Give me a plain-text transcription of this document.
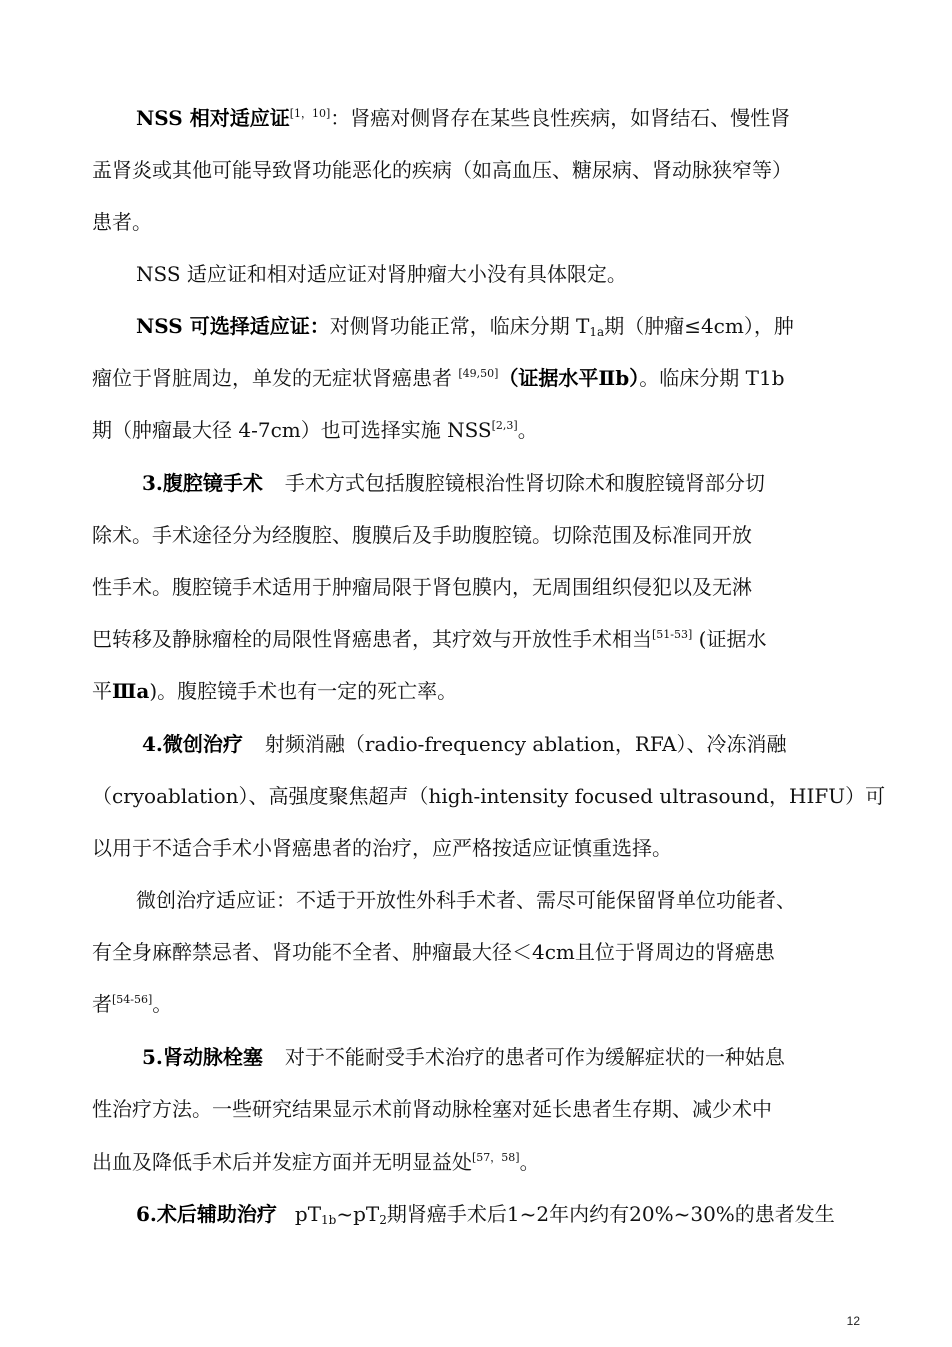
NSS 相对适应证[1，10]：肾癌对侧肾存在某些良性疾病，如肾结石、慢性肾
盂肾炎或其他可能导致肾功能恶化的疾病（如高血压、糖尿病、肾动脉狭窄等）
患者。
NSS 适应证和相对适应证对肾肿瘤大小没有具体限定。
NSS 可选择适应证：对侧肾功能正常，临床分期 $T_{1a}$期（肿瘤≤4cm），肿
瘤位于肾脏周边，单发的无症状肾癌患者 [49,50]（证据水平Ⅱb）。临床分期 T1b
期（肿瘤最大径 4-7cm）也可选择实施 NSS[2,3]。
3.腹腔镜手术 手术方式包括腹腔镜根治性肾切除术和腹腔镜肾部分切
除术。手术途径分为经腹腔、腹膜后及手助腹腔镜。切除范围及标准同开放
性手术。腹腔镜手术适用于肿瘤局限于肾包膜内，无周围组织侵犯以及无淋
巴转移及静脉瘤栓的局限性肾癌患者，其疗效与开放性手术相当[51-53] (证据水
平Ⅲa)。腹腔镜手术也有一定的死亡率。
4.微创治疗 射频消融（radio-frequency ablation，RFA）、冷冻消融
（cryoablation）、高强度聚焦超声（high-intensity focused ultrasound，HIFU）可
以用于不适合手术小肾癌患者的治疗，应严格按适应证慎重选择。
微创治疗适应证：不适于开放性外科手术者、需尽可能保留肾单位功能者、
有全身麻醉禁忌者、肾功能不全者、肿瘤最大径＜4cm且位于肾周边的肾癌患
者[54-56]。
5.肾动脉栓塞 对于不能耐受手术治疗的患者可作为缓解症状的一种姑息
性治疗方法。一些研究结果显示术前肾动脉栓塞对延长患者生存期、减少术中
出血及降低手术后并发症方面并无明显益处[57，58]。
6.术后辅助治疗 $pT_{1b}\sim pT_2$期肾癌手术后1~2年内约有20%~30%的患者发生
12
